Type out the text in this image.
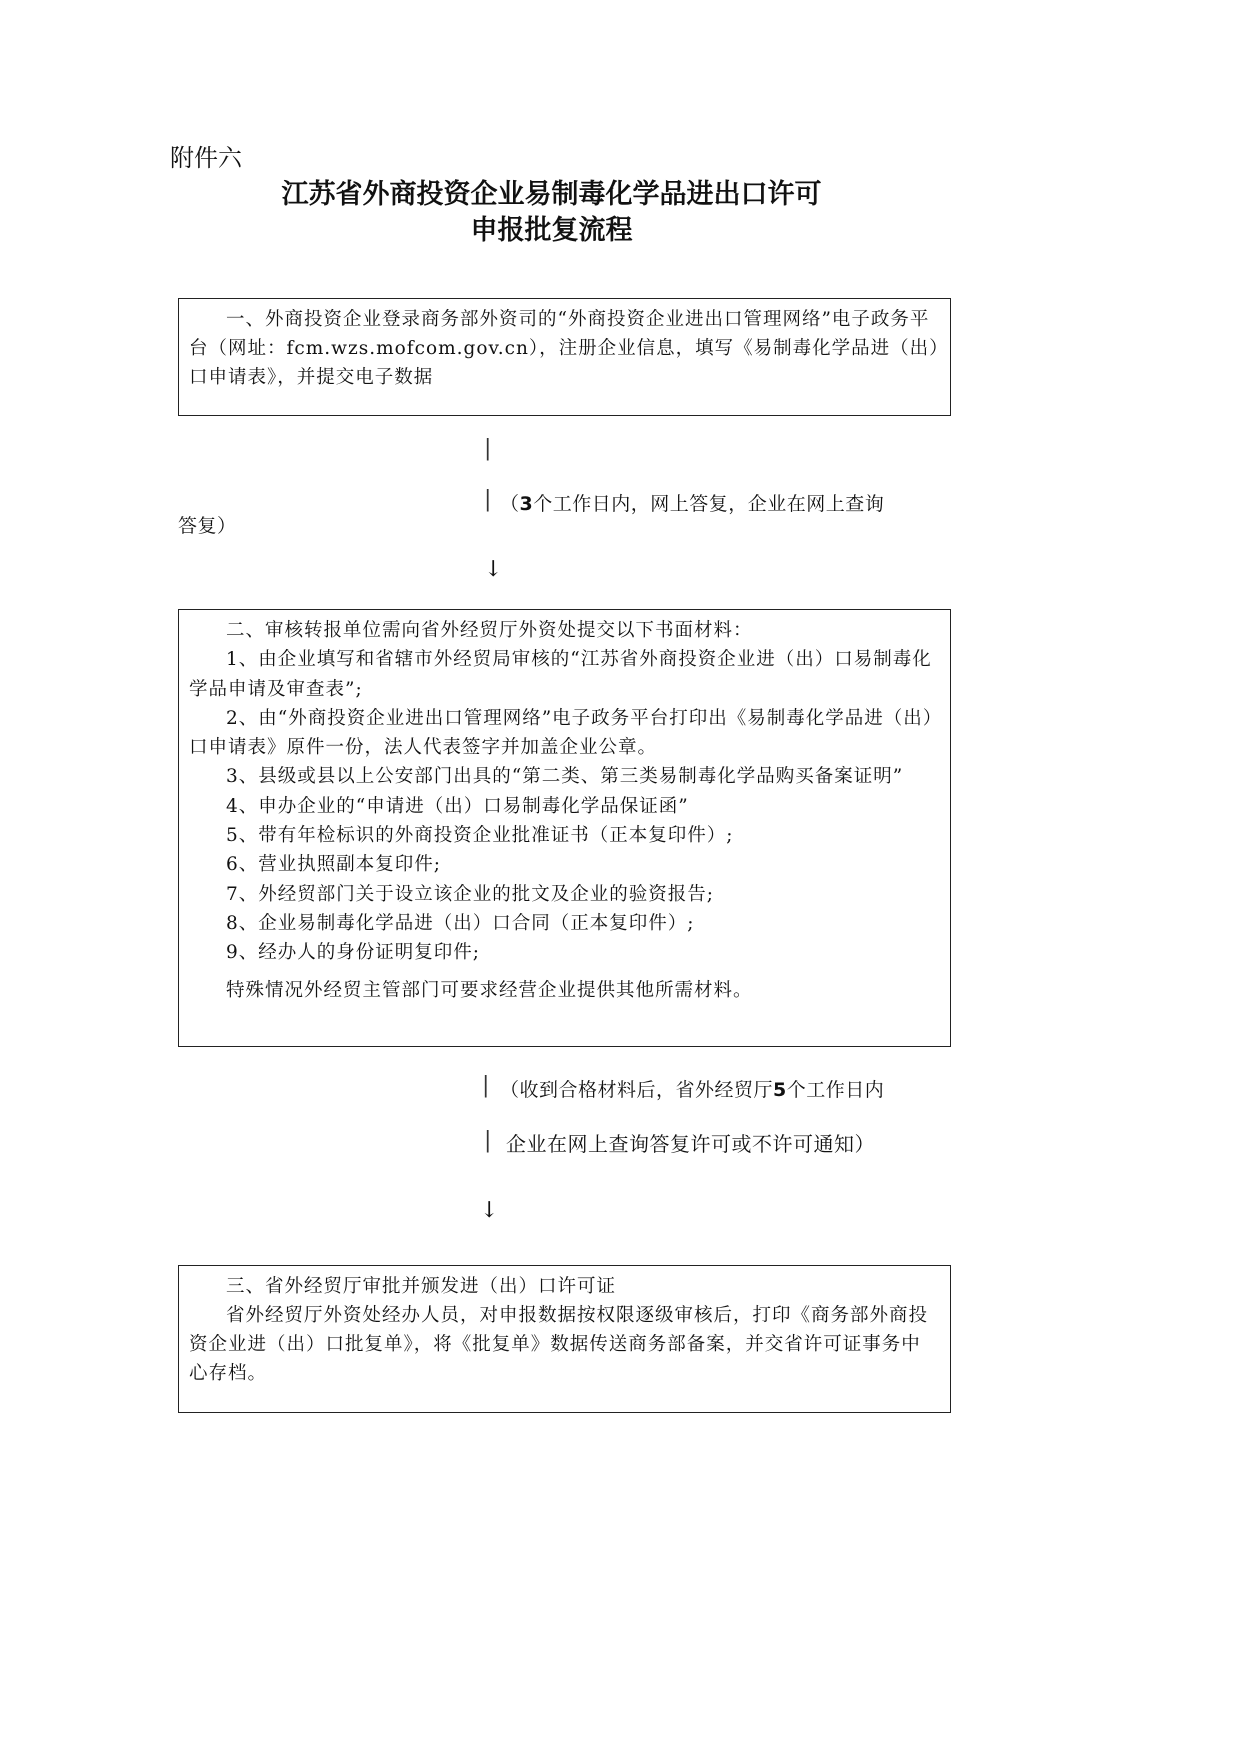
附件六
江苏省外商投资企业易制毒化学品进出口许可
申报批复流程

一、外商投资企业登录商务部外资司的“外商投资企业进出口管理网络”电子政务平台（网址：fcm.wzs.mofcom.gov.cn），注册企业信息，填写《易制毒化学品进（出）口申请表》，并提交电子数据

|
| （3个工作日内，网上答复，企业在网上查询
答复）
↓

二、审核转报单位需向省外经贸厅外资处提交以下书面材料：

1、由企业填写和省辖市外经贸局审核的“江苏省外商投资企业进（出）口易制毒化学品申请及审查表”;

2、由“外商投资企业进出口管理网络”电子政务平台打印出《易制毒化学品进（出）口申请表》原件一份，法人代表签字并加盖企业公章。

3、县级或县以上公安部门出具的“第二类、第三类易制毒化学品购买备案证明”

4、申办企业的“申请进（出）口易制毒化学品保证函”

5、带有年检标识的外商投资企业批准证书（正本复印件）;

6、营业执照副本复印件;

7、外经贸部门关于设立该企业的批文及企业的验资报告;

8、企业易制毒化学品进（出）口合同（正本复印件）;

9、经办人的身份证明复印件;

特殊情况外经贸主管部门可要求经营企业提供其他所需材料。

| （收到合格材料后，省外经贸厅5个工作日内
| 企业在网上查询答复许可或不许可通知）
↓

三、省外经贸厅审批并颁发进（出）口许可证

省外经贸厅外资处经办人员，对申报数据按权限逐级审核后，打印《商务部外商投资企业进（出）口批复单》，将《批复单》数据传送商务部备案，并交省许可证事务中心存档。
